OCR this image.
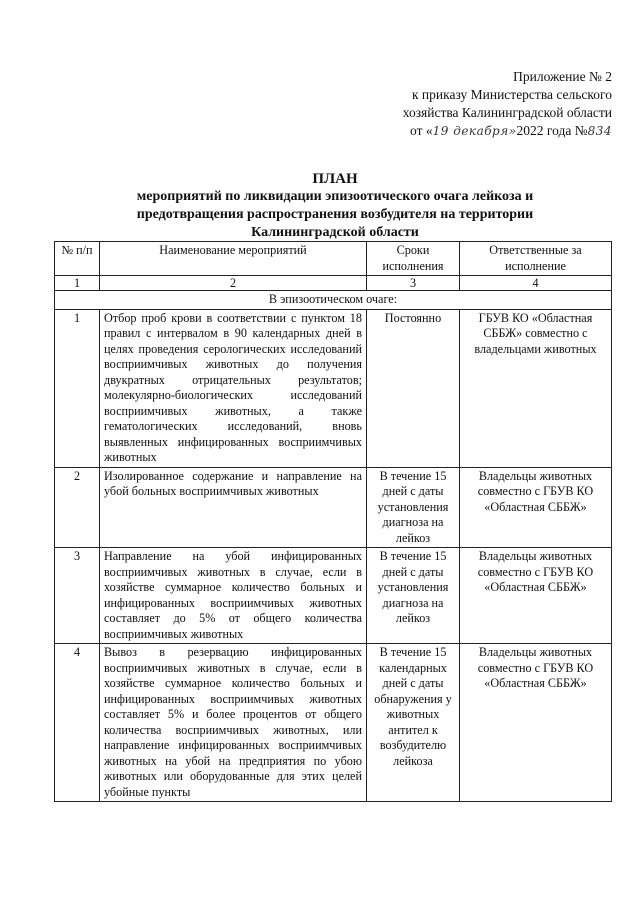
Приложение № 2
к приказу Министерства сельского
хозяйства Калининградской области
от «19 декабря»2022 года №834
ПЛАН
мероприятий по ликвидации эпизоотического очага лейкоза и предотвращения распространения возбудителя на территории Калининградской области
№ п/п	Наименование мероприятий	Сроки исполнения	Ответственные за исполнение
1	2	3	4
В эпизоотическом очаге:			
1	Отбор проб крови в соответствии с пунктом 18 правил с интервалом в 90 календарных дней в целях проведения серологических исследований восприимчивых животных до получения двукратных отрицательных результатов; молекулярно-биологических исследований восприимчивых животных, а также гематологических исследований, вновь выявленных инфицированных восприимчивых животных	Постоянно	ГБУВ КО «Областная СББЖ» совместно с владельцами животных
2	Изолированное содержание и направление на убой больных восприимчивых животных	В течение 15 дней с даты установления диагноза на лейкоз	Владельцы животных совместно с ГБУВ КО «Областная СББЖ»
3	Направление на убой инфицированных восприимчивых животных в случае, если в хозяйстве суммарное количество больных и инфицированных восприимчивых животных составляет до 5% от общего количества восприимчивых животных	В течение 15 дней с даты установления диагноза на лейкоз	Владельцы животных совместно с ГБУВ КО «Областная СББЖ»
4	Вывоз в резервацию инфицированных восприимчивых животных в случае, если в хозяйстве суммарное количество больных и инфицированных восприимчивых животных составляет 5% и более процентов от общего количества восприимчивых животных, или направление инфицированных восприимчивых животных на убой на предприятия по убою животных или оборудованные для этих целей убойные пункты	В течение 15 календарных дней с даты обнаружения у животных антител к возбудителю лейкоза	Владельцы животных совместно с ГБУВ КО «Областная СББЖ»
